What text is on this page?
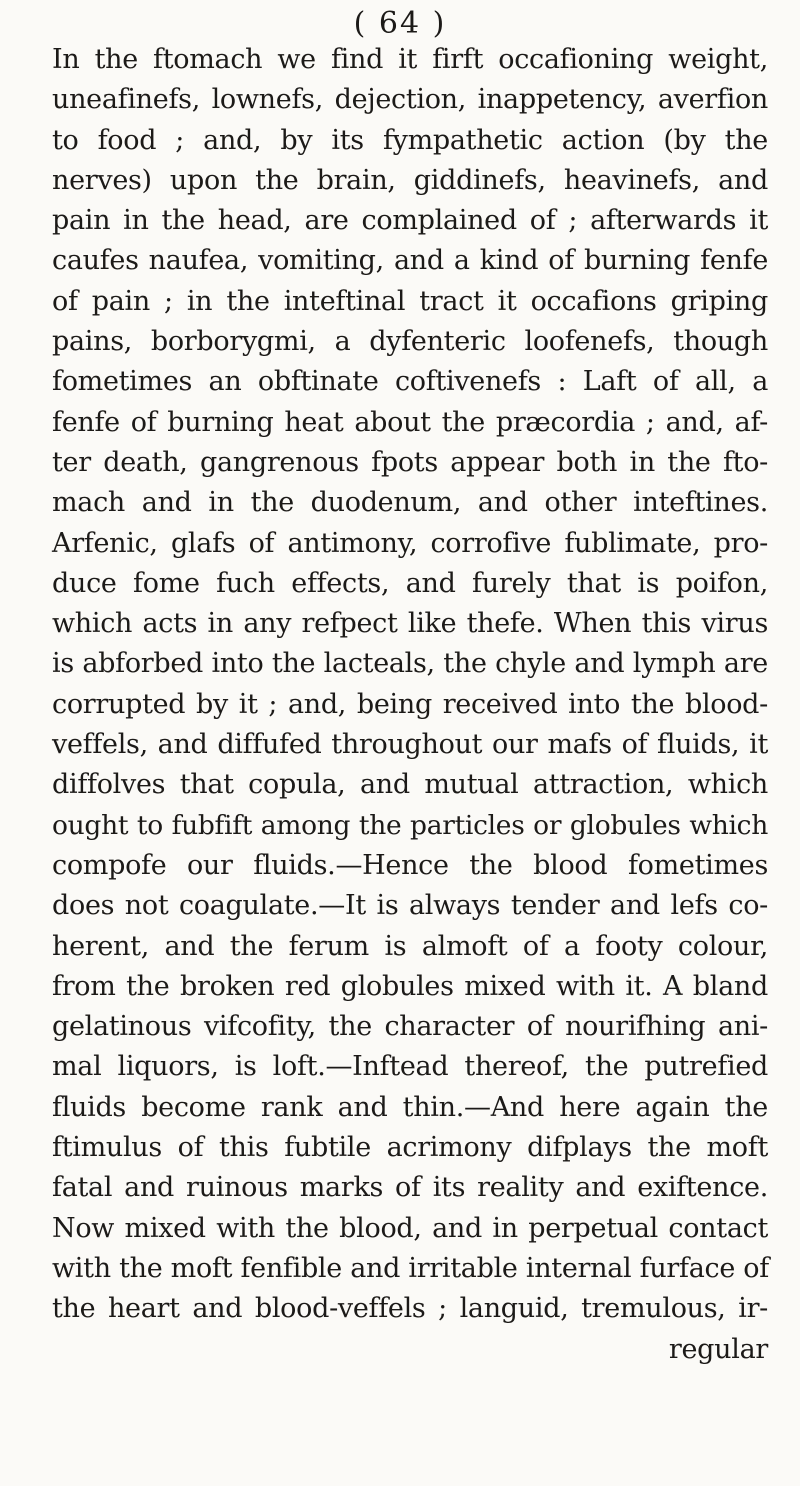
( 64 )
In the ftomach we find it firft occafioning weight,
uneafinefs, lownefs, dejection, inappetency, averfion
to food ; and, by its fympathetic action (by the
nerves) upon the brain, giddinefs, heavinefs, and
pain in the head, are complained of ; afterwards it
caufes naufea, vomiting, and a kind of burning fenfe
of pain ; in the inteftinal tract it occafions griping
pains, borborygmi, a dyfenteric loofenefs, though
fometimes an obftinate coftivenefs : Laft of all, a
fenfe of burning heat about the præcordia ; and, af-
ter death, gangrenous fpots appear both in the fto-
mach and in the duodenum, and other inteftines.
Arfenic, glafs of antimony, corrofive fublimate, pro-
duce fome fuch effects, and furely that is poifon,
which acts in any refpect like thefe. When this virus
is abforbed into the lacteals, the chyle and lymph are
corrupted by it ; and, being received into the blood-
veffels, and diffufed throughout our mafs of fluids, it
diffolves that copula, and mutual attraction, which
ought to fubfift among the particles or globules which
compofe our fluids.—Hence the blood fometimes
does not coagulate.—It is always tender and lefs co-
herent, and the ferum is almoft of a footy colour,
from the broken red globules mixed with it. A bland
gelatinous vifcofity, the character of nourifhing ani-
mal liquors, is loft.—Inftead thereof, the putrefied
fluids become rank and thin.—And here again the
ftimulus of this fubtile acrimony difplays the moft
fatal and ruinous marks of its reality and exiftence.
Now mixed with the blood, and in perpetual contact
with the moft fenfible and irritable internal furface of
the heart and blood-veffels ; languid, tremulous, ir-
regular
